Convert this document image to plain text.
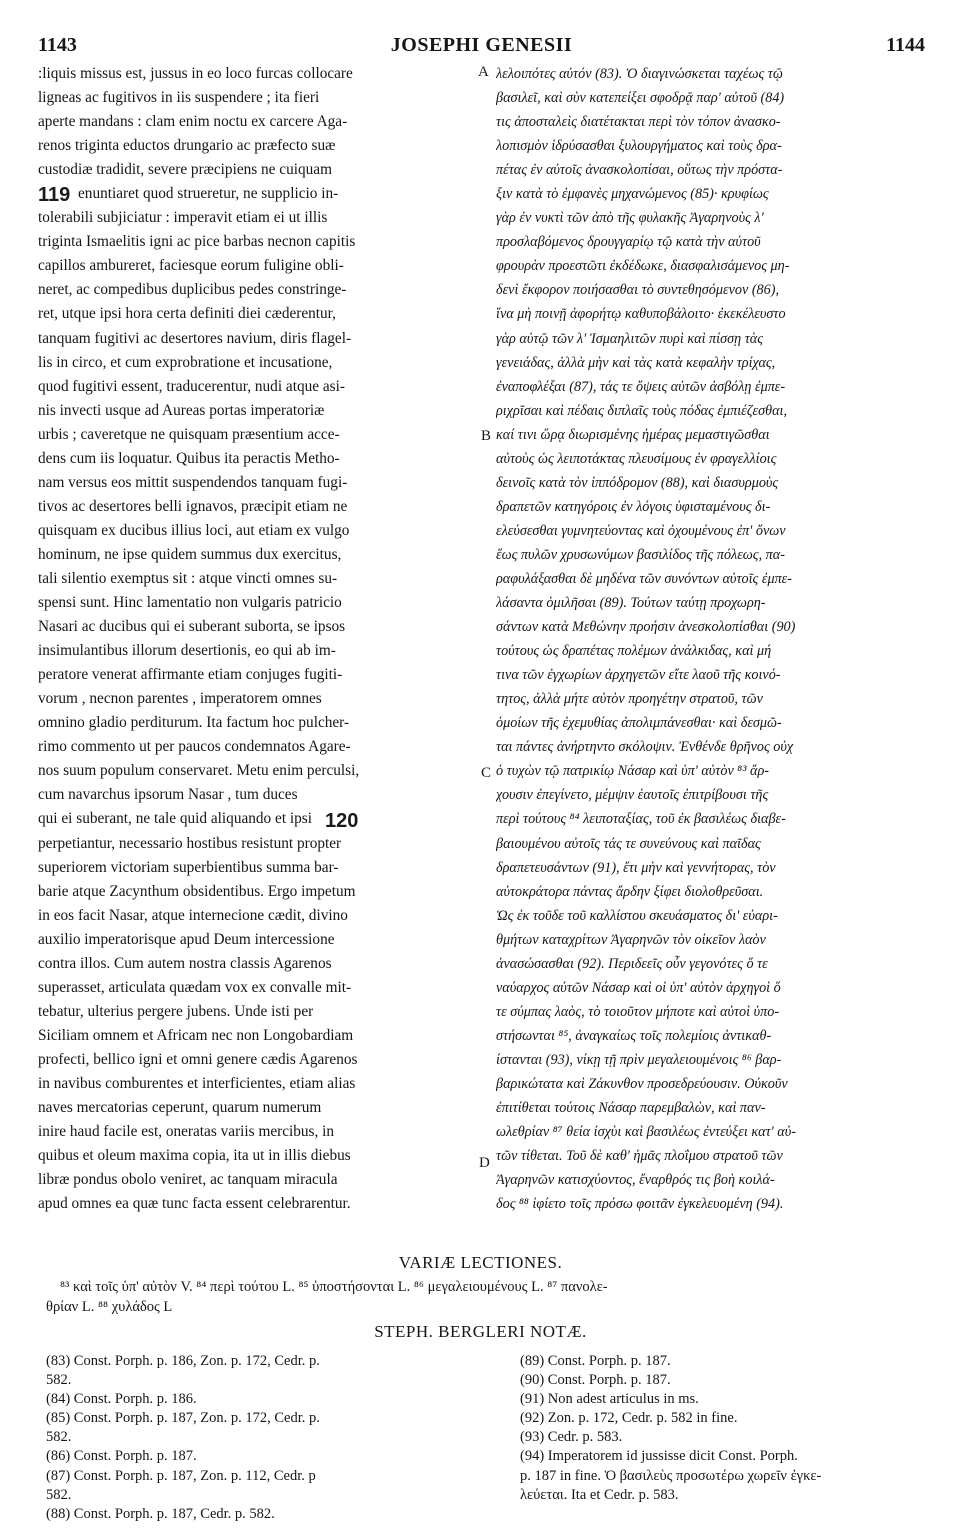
1143	JOSEPHI GENESII	1144
:liquis missus est, jussus in eo loco furcas collocare
ligneas ac fugitivos in iis suspendere ; ita fieri
aperte mandans : clam enim noctu ex carcere Aga-
renos triginta eductos drungario ac præfecto suæ
custodiæ tradidit, severe præcipiens ne cuiquam
enuntiaret quod strueretur, ne supplicio in-
tolerabili subjiciatur : imperavit etiam ei ut illis
triginta Ismaelitis igni ac pice barbas necnon capitis
capillos ambureret, faciesque eorum fuligine obli-
neret, ac compedibus duplicibus pedes constringe-
ret, utque ipsi hora certa definiti diei cæderentur,
tanquam fugitivi ac desertores navium, diris flagel-
lis in circo, et cum exprobratione et incusatione,
quod fugitivi essent, traducerentur, nudi atque asi-
nis invecti usque ad Aureas portas imperatoriæ
urbis ; caveretque ne quisquam præsentium acce-
dens cum iis loquatur. Quibus ita peractis Metho-
nam versus eos mittit suspendendos tanquam fugi-
tivos ac desertores belli ignavos, præcipit etiam ne
quisquam ex ducibus illius loci, aut etiam ex vulgo
hominum, ne ipse quidem summus dux exercitus,
tali silentio exemptus sit : atque vincti omnes su-
spensi sunt. Hinc lamentatio non vulgaris patricio
Nasari ac ducibus qui ei suberant suborta, se ipsos
insimulantibus illorum desertionis, eo qui ab im-
peratore venerat affirmante etiam conjuges fugiti-
vorum , necnon parentes , imperatorem omnes
omnino gladio perditurum. Ita factum hoc pulcher-
rimo commento ut per paucos condemnatos Agare-
nos suum populum conservaret. Metu enim perculsi,
cum navarchus ipsorum Nasar , tum duces
qui ei suberant, ne tale quid aliquando et ipsi
perpetiantur, necessario hostibus resistunt propter
superiorem victoriam superbientibus summa bar-
barie atque Zacynthum obsidentibus. Ergo impetum
in eos facit Nasar, atque internecione cædit, divino
auxilio imperatorisque apud Deum intercessione
contra illos. Cum autem nostra classis Agarenos
superasset, articulata quædam vox ex convalle mit-
tebatur, ulterius pergere jubens. Unde isti per
Siciliam omnem et Africam nec non Longobardiam
profecti, bellico igni et omni genere cædis Agarenos
in navibus comburentes et interficientes, etiam alias
naves mercatorias ceperunt, quarum numerum
inire haud facile est, oneratas variis mercibus, in
quibus et oleum maxima copia, ita ut in illis diebus
libræ pondus obolo veniret, ac tanquam miracula
apud omnes ea quæ tunc facta essent celebrarentur.
λελοιπότες αὐτόν (83). Ὁ διαγινώσκεται ταχέως τῷ
βασιλεῖ, καὶ σὺν κατεπείξει σφοδρᾷ παρ' αὐτοῦ (84)
τις ἀποσταλεὶς διατέτακται περὶ τὸν τόπον ἀνασκο-
λοπισμὸν ἱδρύσασθαι ξυλουργήματος καὶ τοὺς δρα-
πέτας ἐν αὐτοῖς ἀνασκολοπίσαι, οὕτως τὴν πρόστα-
ξιν κατὰ τὸ ἐμφανὲς μηχανώμενος (85)· κρυφίως
γὰρ ἐν νυκτὶ τῶν ἀπὸ τῆς φυλακῆς Ἀγαρηνοὺς λ'
προσλαβόμενος δρουγγαρίῳ τῷ κατὰ τὴν αὐτοῦ
φρουρὰν προεστῶτι ἐκδέδωκε, διασφαλισάμενος μη-
δενὶ ἔκφορον ποιήσασθαι τὸ συντεθησόμενον (86),
ἵνα μὴ ποινῇ ἀφορήτῳ καθυποβάλοιτο· ἐκεκέλευστο
γὰρ αὐτῷ τῶν λ' Ἰσμαηλιτῶν πυρὶ καὶ πίσσῃ τὰς
γενειάδας, ἀλλὰ μὴν καὶ τὰς κατὰ κεφαλὴν τρίχας,
ἐναποφλέξαι (87), τάς τε ὄψεις αὐτῶν ἀσβόλῃ ἐμπε-
ριχρῖσαι καὶ πέδαις διπλαῖς τοὺς πόδας ἐμπιέζεσθαι,
καί τινι ὥρᾳ διωρισμένης ἡμέρας μεμαστιγῶσθαι
αὐτοὺς ὡς λειποτάκτας πλευσίμους ἐν φραγελλίοις
δεινοῖς κατὰ τὸν ἱππόδρομον (88), καὶ διασυρμοὺς
δραπετῶν κατηγόροις ἐν λόγοις ὑφισταμένους δι-
ελεύσεσθαι γυμνητεύοντας καὶ ὀχουμένους ἐπ' ὄνων
ἕως πυλῶν χρυσωνύμων βασιλίδος τῆς πόλεως, πα-
ραφυλάξασθαι δὲ μηδένα τῶν συνόντων αὐτοῖς ἐμπε-
λάσαντα ὁμιλῆσαι (89). Τούτων ταύτῃ προχωρη-
σάντων κατὰ Μεθώνην προήσιν ἀνεσκολοπίσθαι (90)
τούτους ὡς δραπέτας πολέμων ἀνάλκιδας, καὶ μή
τινα τῶν ἐγχωρίων ἀρχηγετῶν εἴτε λαοῦ τῆς κοινό-
τητος, ἀλλὰ μήτε αὐτὸν προηγέτην στρατοῦ, τῶν
ὁμοίων τῆς ἐχεμυθίας ἀπολιμπάνεσθαι· καὶ δεσμῶ-
ται πάντες ἀνήρτηντο σκόλοψιν. Ἐνθένδε θρῆνος οὐχ
ὁ τυχὼν τῷ πατρικίῳ Νάσαρ καὶ ὑπ' αὐτὸν ⁸³ ἄρ-
χουσιν ἐπεγίνετο, μέμψιν ἑαυτοῖς ἐπιτρίβουσι τῆς
περὶ τούτους ⁸⁴ λειποταξίας, τοῦ ἐκ βασιλέως διαβε-
βαιουμένου αὐτοῖς τάς τε συνεύνους καὶ παῖδας
δραπετευσάντων (91), ἔτι μὴν καὶ γεννήτορας, τὸν
αὐτοκράτορα πάντας ἄρδην ξίφει διολοθρεῦσαι.
Ὡς ἐκ τοῦδε τοῦ καλλίστου σκευάσματος δι' εὐαρι-
θμήτων καταχρίτων Ἀγαρηνῶν τὸν οἰκεῖον λαὸν
ἀνασώσασθαι (92). Περιδεεῖς οὖν γεγονότες ὅ τε
ναύαρχος αὐτῶν Νάσαρ καὶ οἱ ὑπ' αὐτὸν ἀρχηγοὶ ὅ
τε σύμπας λαὸς, τὸ τοιοῦτον μήποτε καὶ αὐτοὶ ὑπο-
στήσωνται ⁸⁵, ἀναγκαίως τοῖς πολεμίοις ἀντικαθ-
ίστανται (93), νίκῃ τῇ πρὶν μεγαλειουμένοις ⁸⁶ βαρ-
βαρικώτατα καὶ Ζάκυνθον προσεδρεύουσιν. Οὐκοῦν
ἐπιτίθεται τούτοις Νάσαρ παρεμβαλὼν, καὶ παν-
ωλεθρίαν ⁸⁷ θεία ἰσχὺι καὶ βασιλέως ἐντεύξει κατ' αὐ-
τῶν τίθεται. Τοῦ δὲ καθ' ἡμᾶς πλοΐμου στρατοῦ τῶν
Ἀγαρηνῶν κατισχύοντος, ἔναρθρός τις βοὴ κοιλά-
δος ⁸⁸ ἱφίετο τοῖς πρόσω φοιτᾶν ἐγκελευομένη (94).
119
120
A
B
C
D
VARIÆ LECTIONES.
⁸³ καὶ τοῖς ὑπ' αὐτὸν V. ⁸⁴ περὶ τούτου L. ⁸⁵ ὑποστήσονται L. ⁸⁶ μεγαλειουμένους L. ⁸⁷ πανολε-
θρίαν L. ⁸⁸ χυλάδος L
STEPH. BERGLERI NOTÆ.
(83) Const. Porph. p. 186, Zon. p. 172, Cedr. p.
582.
(84) Const. Porph. p. 186.
(85) Const. Porph. p. 187, Zon. p. 172, Cedr. p.
582.
(86) Const. Porph. p. 187.
(87) Const. Porph. p. 187, Zon. p. 112, Cedr. p
582.
(88) Const. Porph. p. 187, Cedr. p. 582.
(89) Const. Porph. p. 187.
(90) Const. Porph. p. 187.
(91) Non adest articulus in ms.
(92) Zon. p. 172, Cedr. p. 582 in fine.
(93) Cedr. p. 583.
(94) Imperatorem id jussisse dicit Const. Porph.
p. 187 in fine. Ὁ βασιλεὺς προσωτέρω χωρεῖν ἐγκε-
λεύεται. Ita et Cedr. p. 583.
